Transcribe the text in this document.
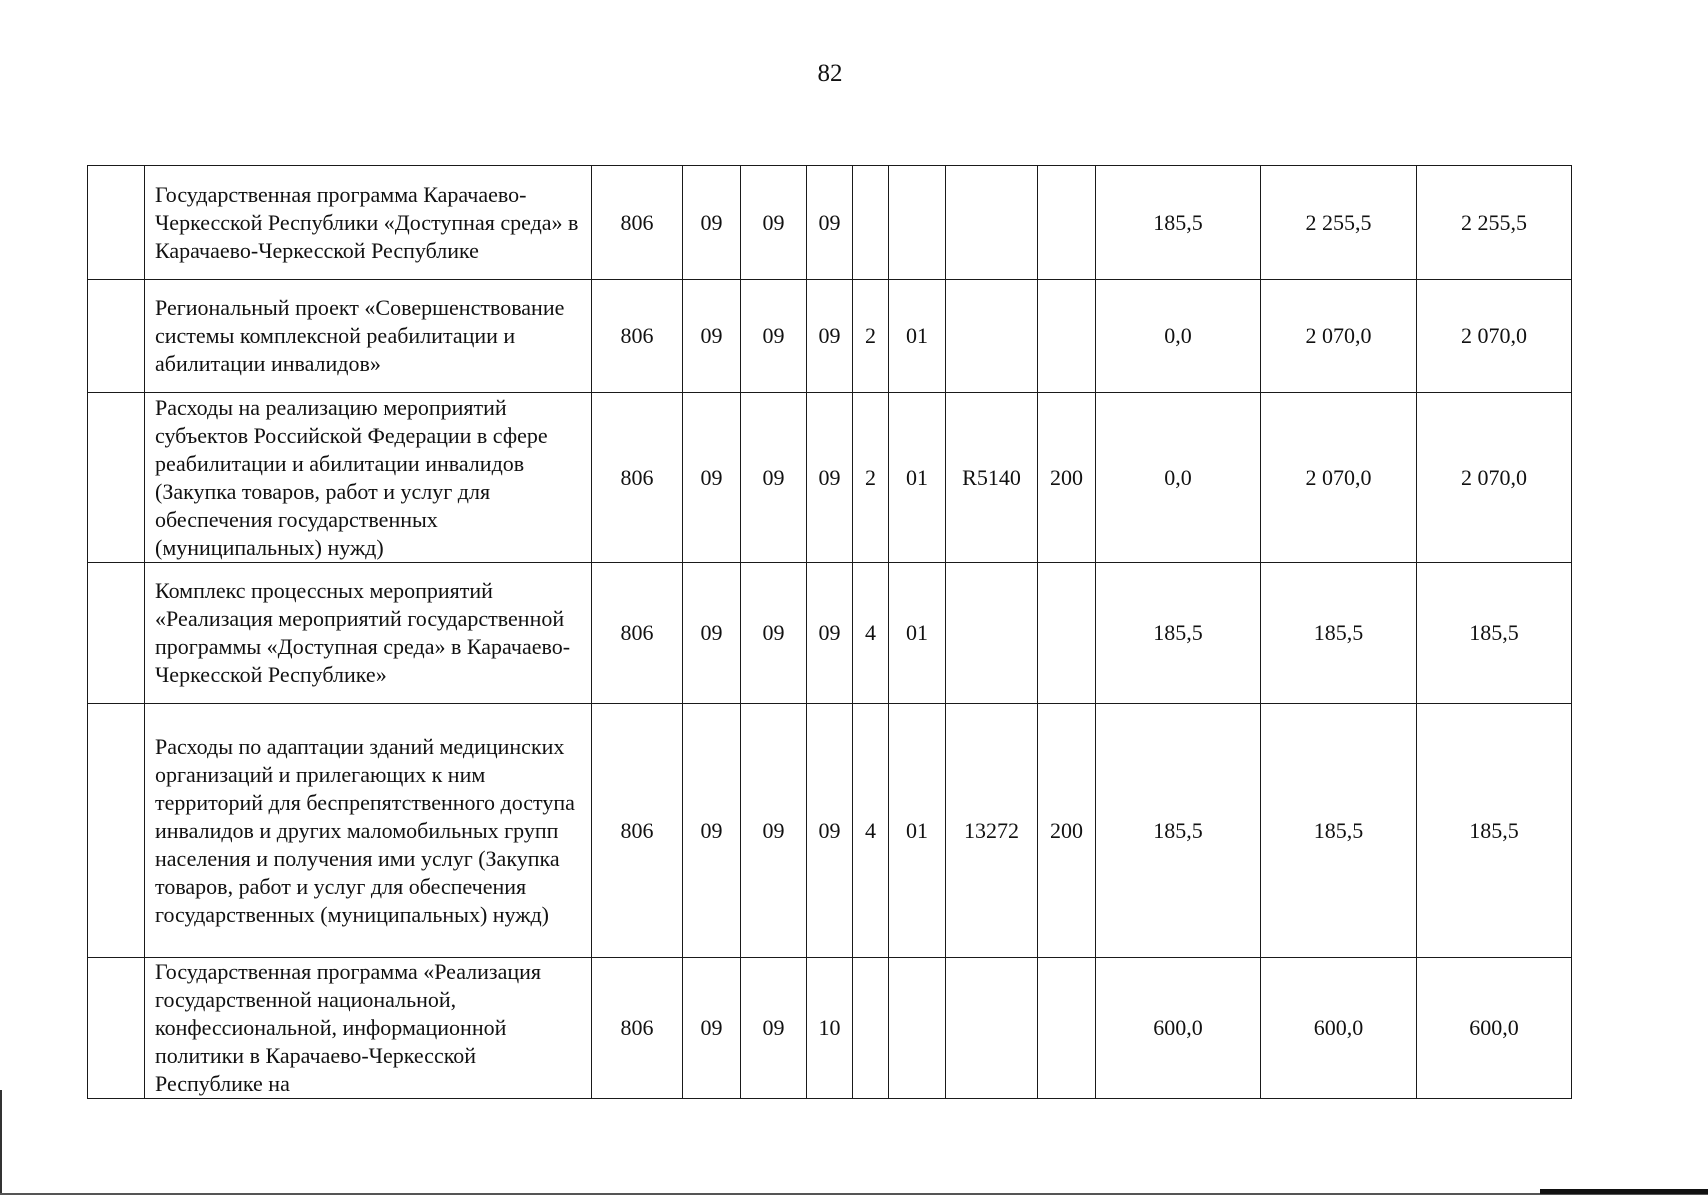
82
	Государственная программа Карачаево-Черкесской Республики «Доступная среда» в Карачаево-Черкесской Республике	806	09	09	09					185,5	2 255,5	2 255,5
	Региональный проект «Совершенствование системы комплексной реабилитации и абилитации инвалидов»	806	09	09	09	2	01			0,0	2 070,0	2 070,0
	Расходы на реализацию мероприятий субъектов Российской Федерации в сфере реабилитации и абилитации инвалидов (Закупка товаров, работ и услуг для обеспечения государственных (муниципальных) нужд)	806	09	09	09	2	01	R5140	200	0,0	2 070,0	2 070,0
	Комплекс процессных мероприятий «Реализация мероприятий государственной программы «Доступная среда» в Карачаево-Черкесской Республике»	806	09	09	09	4	01			185,5	185,5	185,5
	Расходы по адаптации зданий медицинских организаций и прилегающих к ним территорий для беспрепятственного доступа инвалидов и других маломобильных групп населения и получения ими услуг (Закупка товаров, работ и услуг для обеспечения государственных (муниципальных) нужд)	806	09	09	09	4	01	13272	200	185,5	185,5	185,5
	Государственная программа «Реализация государственной национальной, конфессиональной, информационной политики в Карачаево-Черкесской Республике на	806	09	09	10					600,0	600,0	600,0
